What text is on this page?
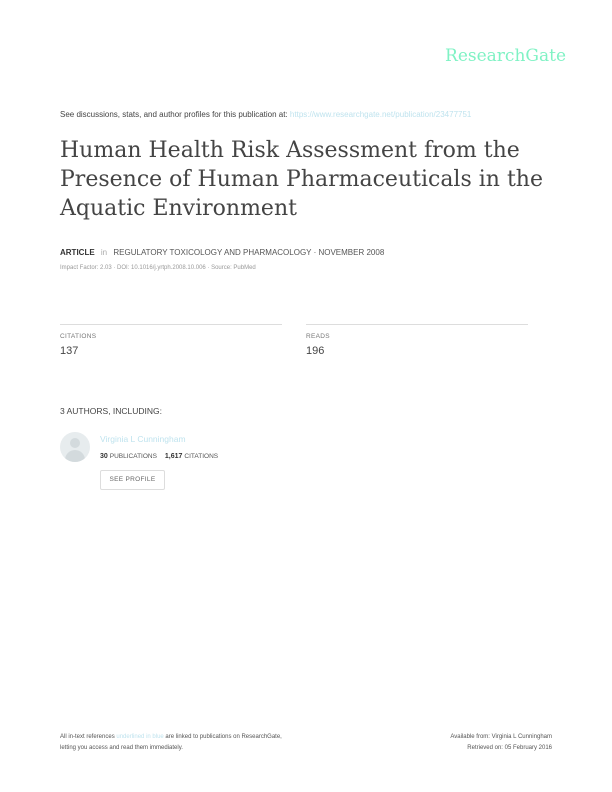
ResearchGate
See discussions, stats, and author profiles for this publication at: https://www.researchgate.net/publication/23477751
Human Health Risk Assessment from the
Presence of Human Pharmaceuticals in the
Aquatic Environment
ARTICLE in REGULATORY TOXICOLOGY AND PHARMACOLOGY · NOVEMBER 2008
Impact Factor: 2.03 · DOI: 10.1016/j.yrtph.2008.10.006 · Source: PubMed
CITATIONS
137
READS
196
3 AUTHORS, INCLUDING:
Virginia L Cunningham
30 PUBLICATIONS 1,617 CITATIONS
SEE PROFILE
All in-text references underlined in blue are linked to publications on ResearchGate,
letting you access and read them immediately.
Available from: Virginia L Cunningham
Retrieved on: 05 February 2016
